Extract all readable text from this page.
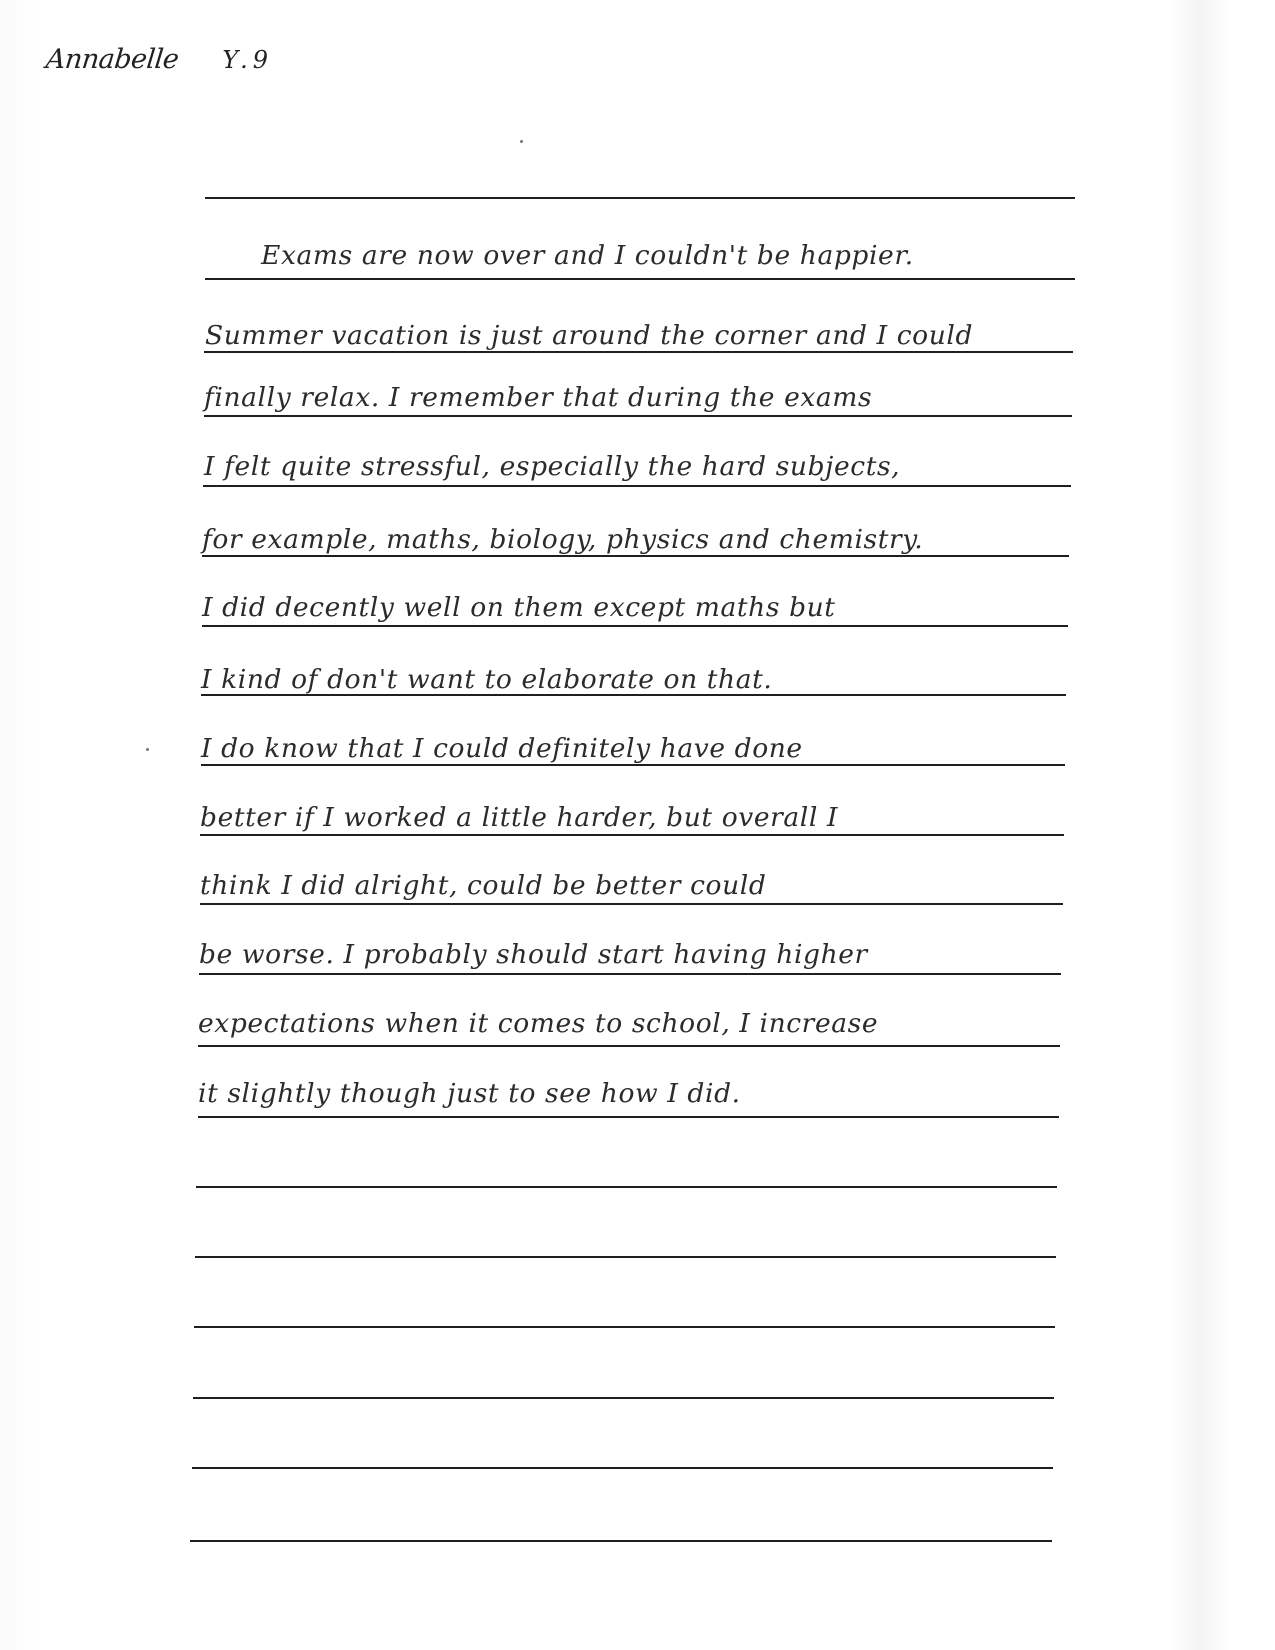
Annabelle Y.9
Exams are now over and I couldn't be happier.
Summer vacation is just around the corner and I could
finally relax. I remember that during the exams
I felt quite stressful, especially the hard subjects,
for example, maths, biology, physics and chemistry.
I did decently well on them except maths but
I kind of don't want to elaborate on that.
I do know that I could definitely have done
better if I worked a little harder, but overall I
think I did alright, could be better could
be worse. I probably should start having higher
expectations when it comes to school, I increase
it slightly though just to see how I did.
